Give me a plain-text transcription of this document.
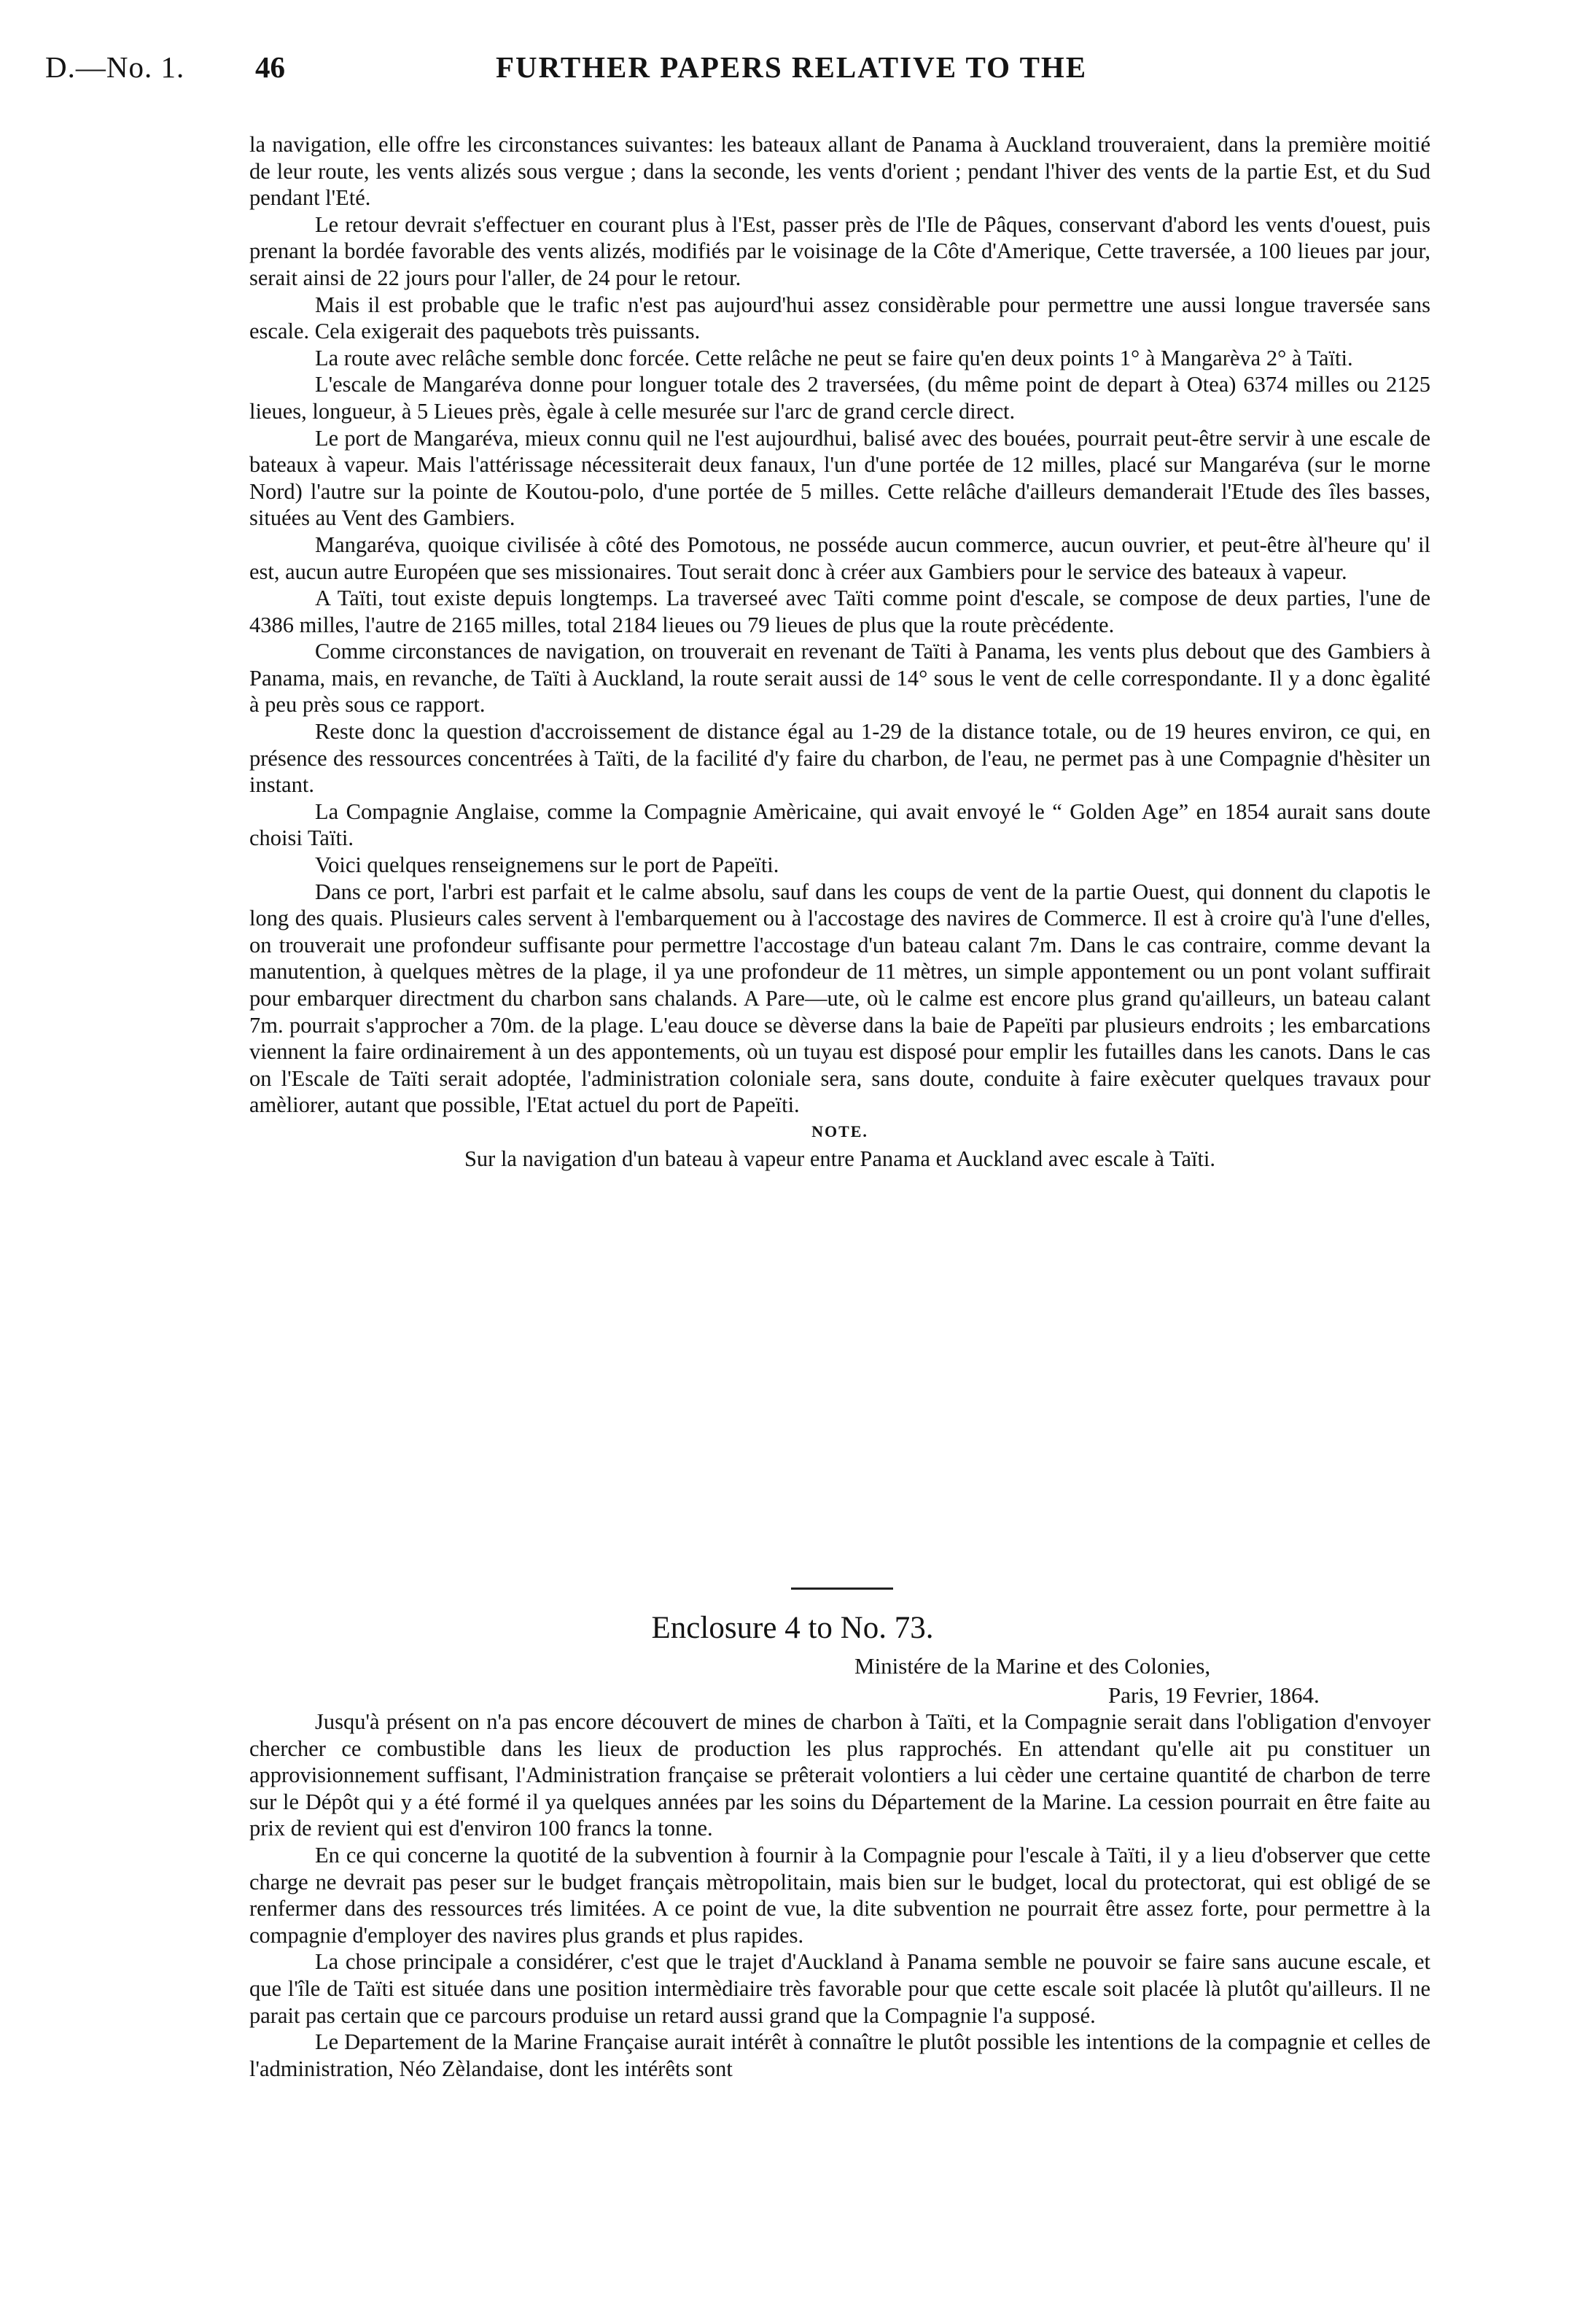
D.—No. 1. 46	FURTHER PAPERS RELATIVE TO THE

la navigation, elle offre les circonstances suivantes: les bateaux allant de Panama à Auckland trouveraient, dans la première moitié de leur route, les vents alizés sous vergue ; dans la seconde, les vents d'orient ; pendant l'hiver des vents de la partie Est, et du Sud pendant l'Eté.

Le retour devrait s'effectuer en courant plus à l'Est, passer près de l'Ile de Pâques, conservant d'abord les vents d'ouest, puis prenant la bordée favorable des vents alizés, modifiés par le voisinage de la Côte d'Amerique, Cette traversée, a 100 lieues par jour, serait ainsi de 22 jours pour l'aller, de 24 pour le retour.

Mais il est probable que le trafic n'est pas aujourd'hui assez considèrable pour permettre une aussi longue traversée sans escale. Cela exigerait des paquebots très puissants.

La route avec relâche semble donc forcée. Cette relâche ne peut se faire qu'en deux points 1° à Mangarèva 2° à Taïti.

L'escale de Mangaréva donne pour longuer totale des 2 traversées, (du même point de depart à Otea) 6374 milles ou 2125 lieues, longueur, à 5 Lieues près, ègale à celle mesurée sur l'arc de grand cercle direct.

Le port de Mangaréva, mieux connu quil ne l'est aujourdhui, balisé avec des bouées, pourrait peut-être servir à une escale de bateaux à vapeur. Mais l'attérissage nécessiterait deux fanaux, l'un d'une portée de 12 milles, placé sur Mangaréva (sur le morne Nord) l'autre sur la pointe de Koutou-polo, d'une portée de 5 milles. Cette relâche d'ailleurs demanderait l'Etude des îles basses, situées au Vent des Gambiers.

Mangaréva, quoique civilisée à côté des Pomotous, ne posséde aucun commerce, aucun ouvrier, et peut-être àl'heure qu' il est, aucun autre Européen que ses missionaires. Tout serait donc à créer aux Gambiers pour le service des bateaux à vapeur.

A Taïti, tout existe depuis longtemps. La traverseé avec Taïti comme point d'escale, se compose de deux parties, l'une de 4386 milles, l'autre de 2165 milles, total 2184 lieues ou 79 lieues de plus que la route prècédente.

Comme circonstances de navigation, on trouverait en revenant de Taïti à Panama, les vents plus debout que des Gambiers à Panama, mais, en revanche, de Taïti à Auckland, la route serait aussi de 14° sous le vent de celle correspondante. Il y a donc ègalité à peu près sous ce rapport.

Reste donc la question d'accroissement de distance égal au 1-29 de la distance totale, ou de 19 heures environ, ce qui, en présence des ressources concentrées à Taïti, de la facilité d'y faire du charbon, de l'eau, ne permet pas à une Compagnie d'hèsiter un instant.

La Compagnie Anglaise, comme la Compagnie Amèricaine, qui avait envoyé le “ Golden Age” en 1854 aurait sans doute choisi Taïti.

Voici quelques renseignemens sur le port de Papeïti.

Dans ce port, l'arbri est parfait et le calme absolu, sauf dans les coups de vent de la partie Ouest, qui donnent du clapotis le long des quais. Plusieurs cales servent à l'embarquement ou à l'accostage des navires de Commerce. Il est à croire qu'à l'une d'elles, on trouverait une profondeur suffisante pour permettre l'accostage d'un bateau calant 7m. Dans le cas contraire, comme devant la manutention, à quelques mètres de la plage, il ya une profondeur de 11 mètres, un simple appontement ou un pont volant suffirait pour embarquer directment du charbon sans chalands. A Pare—ute, où le calme est encore plus grand qu'ailleurs, un bateau calant 7m. pourrait s'approcher a 70m. de la plage. L'eau douce se dèverse dans la baie de Papeïti par plusieurs endroits ; les embarcations viennent la faire ordinairement à un des appontements, où un tuyau est disposé pour emplir les futailles dans les canots. Dans le cas on l'Escale de Taïti serait adoptée, l'administration coloniale sera, sans doute, conduite à faire exècuter quelques travaux pour amèliorer, autant que possible, l'Etat actuel du port de Papeïti.

NOTE.

Sur la navigation d'un bateau à vapeur entre Panama et Auckland avec escale à Taïti.

Enclosure 4 to No. 73.
Ministére de la Marine et des Colonies,
Paris, 19 Fevrier, 1864.

Jusqu'à présent on n'a pas encore découvert de mines de charbon à Taïti, et la Compagnie serait dans l'obligation d'envoyer chercher ce combustible dans les lieux de production les plus rapprochés. En attendant qu'elle ait pu constituer un approvisionnement suffisant, l'Administration française se prêterait volontiers a lui cèder une certaine quantité de charbon de terre sur le Dépôt qui y a été formé il ya quelques années par les soins du Département de la Marine. La cession pourrait en être faite au prix de revient qui est d'environ 100 francs la tonne.

En ce qui concerne la quotité de la subvention à fournir à la Compagnie pour l'escale à Taïti, il y a lieu d'observer que cette charge ne devrait pas peser sur le budget français mètropolitain, mais bien sur le budget, local du protectorat, qui est obligé de se renfermer dans des ressources trés limitées. A ce point de vue, la dite subvention ne pourrait être assez forte, pour permettre à la compagnie d'employer des navires plus grands et plus rapides.

La chose principale a considérer, c'est que le trajet d'Auckland à Panama semble ne pouvoir se faire sans aucune escale, et que l'île de Taïti est située dans une position intermèdiaire très favorable pour que cette escale soit placée là plutôt qu'ailleurs. Il ne parait pas certain que ce parcours produise un retard aussi grand que la Compagnie l'a supposé.

Le Departement de la Marine Française aurait intérêt à connaître le plutôt possible les intentions de la compagnie et celles de l'administration, Néo Zèlandaise, dont les intérêts sont
